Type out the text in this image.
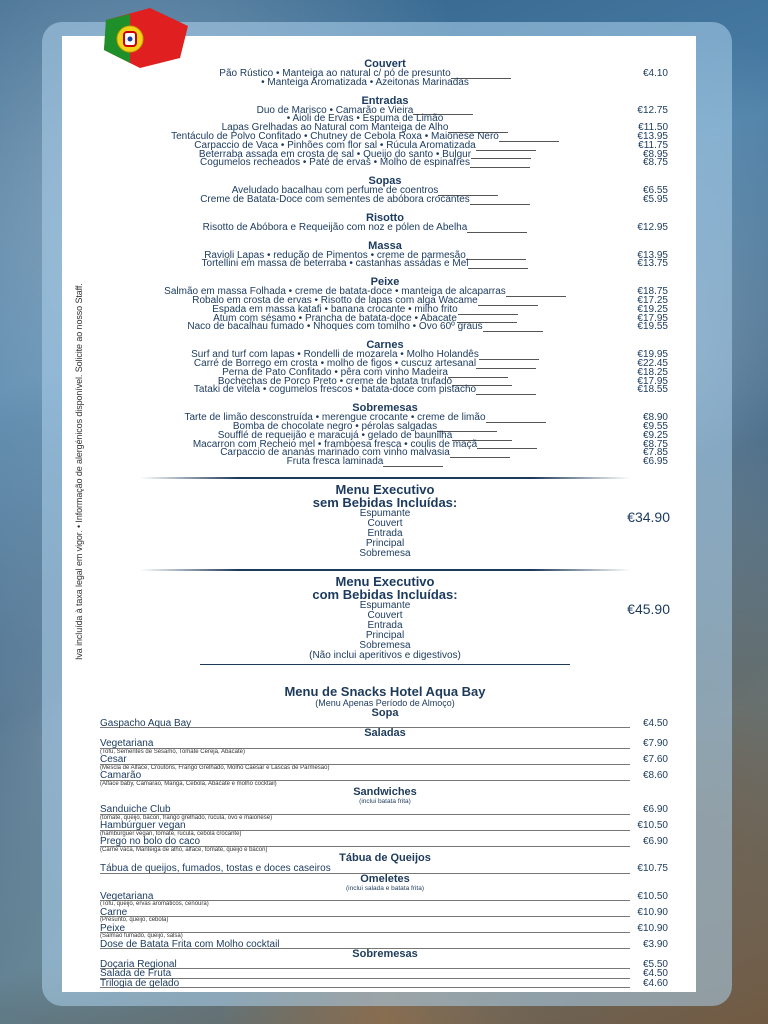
Iva incluída à taxa legal em vigor. • Informação de alergénicos disponível. Solicite ao nosso Staff.
Couvert
Pão Rústico • Manteiga ao natural c/ pó de presunto	€4.10
• Manteiga Aromatizada • Azeitonas Marinadas
Entradas
Duo de Marisco • Camarão e Vieira	€12.75
• Aioli de Ervas • Espuma de Limão
Lapas Grelhadas ao Natural com Manteiga de Alho	€11.50
Tentáculo de Polvo Confitado • Chutney de Cebola Roxa • Maionese Nero	€13.95
Carpaccio de Vaca • Pinhões com flor sal • Rúcula Aromatizada	€11.75
Beterraba assada em crosta de sal • Queijo do santo • Bulgur	€8.95
Cogumelos recheados • Paté de ervas • Molho de espinafres	€8.75
Sopas
Aveludado bacalhau com perfume de coentros	€6.55
Creme de Batata-Doce com sementes de abóbora crocantes	€5.95
Risotto
Risotto de Abóbora e Requeijão com noz e pólen de Abelha	€12.95
Massa
Ravioli Lapas • redução de Pimentos • creme de parmesão	€13.95
Tortellini em massa de beterraba • castanhas assadas e Mel	€13.75
Peixe
Salmão em massa Folhada • creme de batata-doce • manteiga de alcaparras	€18.75
Robalo em crosta de ervas • Risotto de lapas com alga Wacame	€17.25
Espada em massa katafi • banana crocante • milho frito	€19.25
Atum com sésamo • Prancha de batata-doce • Abacate	€17.95
Naco de bacalhau fumado • Nhoques com tomilho • Ovo 60º graus	€19.55
Carnes
Surf and turf com lapas • Rondelli de mozarela • Molho Holandês	€19.95
Carré de Borrego em crosta • molho de figos • cuscuz artesanal	€22.45
Perna de Pato Confitado • pêra com vinho Madeira	€18.25
Bochechas de Porco Preto • creme de batata trufado	€17.95
Tataki de vitela • cogumelos frescos • batata-doce com pistacho	€18.55
Sobremesas
Tarte de limão desconstruída • merengue crocante • creme de limão	€8.90
Bomba de chocolate negro • pérolas salgadas	€9.55
Soufflé de requeijão e maracujá • gelado de baunilha	€9.25
Macarron com Recheio mel • framboesa fresca • coulis de maçã	€8.75
Carpaccio de ananás marinado com vinho malvasia	€7.85
Fruta fresca laminada	€6.95
Menu Executivo
sem Bebidas Incluídas:
Espumante
Couvert
Entrada
Principal
Sobremesa
€34.90
Menu Executivo
com Bebidas Incluídas:
Espumante
Couvert
Entrada
Principal
Sobremesa
(Não inclui aperitivos e digestivos)
€45.90
Menu de Snacks Hotel Aqua Bay
(Menu Apenas Período de Almoço)
Sopa
Gaspacho Aqua Bay	€4.50
Saladas
Vegetariana	€7.90
(Tofu, Sementes de Sésamo, Tomate Cereja, Abacate)
Cesar	€7.60
(Mescla de Alface, Croutons, Frango Grelhado, Molho Caesar e Lascas de Parmesão)
Camarão	€8.60
(Alface baby, Camarão, Manga, Cebola, Abacate e molho cocktail)
Sandwiches
(inclui batata frita)
Sanduiche Club	€6.90
(tomate, queijo, bacon, frango grelhado, rúcula, ovo e maionese)
Hambúrguer vegan	€10.50
(hambúrguer vegan, tomate, rúcula, cebola crocante)
Prego no bolo do caco	€6.90
(Carne vaca, Manteiga de alho, alface, tomate, queijo e bacon)
Tábua de Queijos
Tábua de queijos, fumados, tostas e doces caseiros	€10.75
Omeletes
(inclui salada e batata frita)
Vegetariana	€10.50
(Tofu, queijo, ervas aromáticos, cenoura)
Carne	€10.90
(Presunto, queijo, cebola)
Peixe	€10.90
(Salmão fumado, queijo, salsa)
Dose de Batata Frita com Molho cocktail	€3.90
Sobremesas
Doçaria Regional	€5.50
Salada de Fruta	€4.50
Trilogia de gelado	€4.60
